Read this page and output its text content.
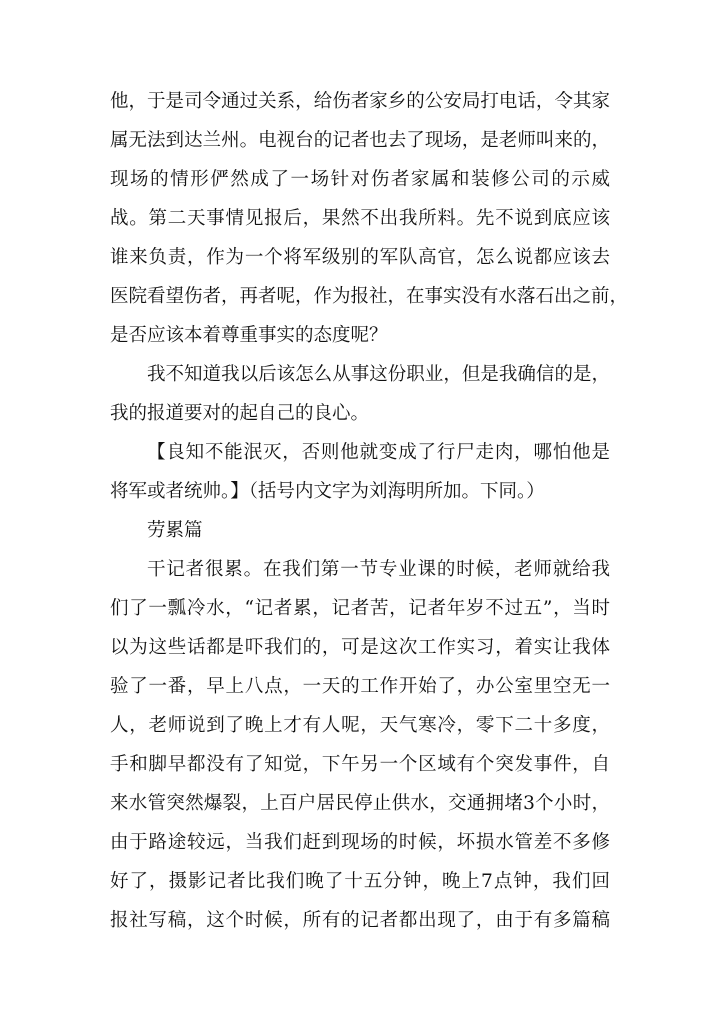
他，于是司令通过关系，给伤者家乡的公安局打电话，令其家
属无法到达兰州。电视台的记者也去了现场，是老师叫来的，
现场的情形俨然成了一场针对伤者家属和装修公司的示威
战。第二天事情见报后，果然不出我所料。先不说到底应该
谁来负责，作为一个将军级别的军队高官，怎么说都应该去
医院看望伤者，再者呢，作为报社，在事实没有水落石出之前，
是否应该本着尊重事实的态度呢？
我不知道我以后该怎么从事这份职业，但是我确信的是，
我的报道要对的起自己的良心。
【良知不能泯灭，否则他就变成了行尸走肉，哪怕他是
将军或者统帅。】（括号内文字为刘海明所加。下同。）
劳累篇
干记者很累。在我们第一节专业课的时候，老师就给我
们了一瓢冷水，“记者累，记者苦，记者年岁不过五”，当时
以为这些话都是吓我们的，可是这次工作实习，着实让我体
验了一番，早上八点，一天的工作开始了，办公室里空无一
人，老师说到了晚上才有人呢，天气寒冷，零下二十多度，
手和脚早都没有了知觉，下午另一个区域有个突发事件，自
来水管突然爆裂，上百户居民停止供水，交通拥堵3个小时，
由于路途较远，当我们赶到现场的时候，坏损水管差不多修
好了，摄影记者比我们晚了十五分钟，晚上7点钟，我们回
报社写稿，这个时候，所有的记者都出现了，由于有多篇稿
